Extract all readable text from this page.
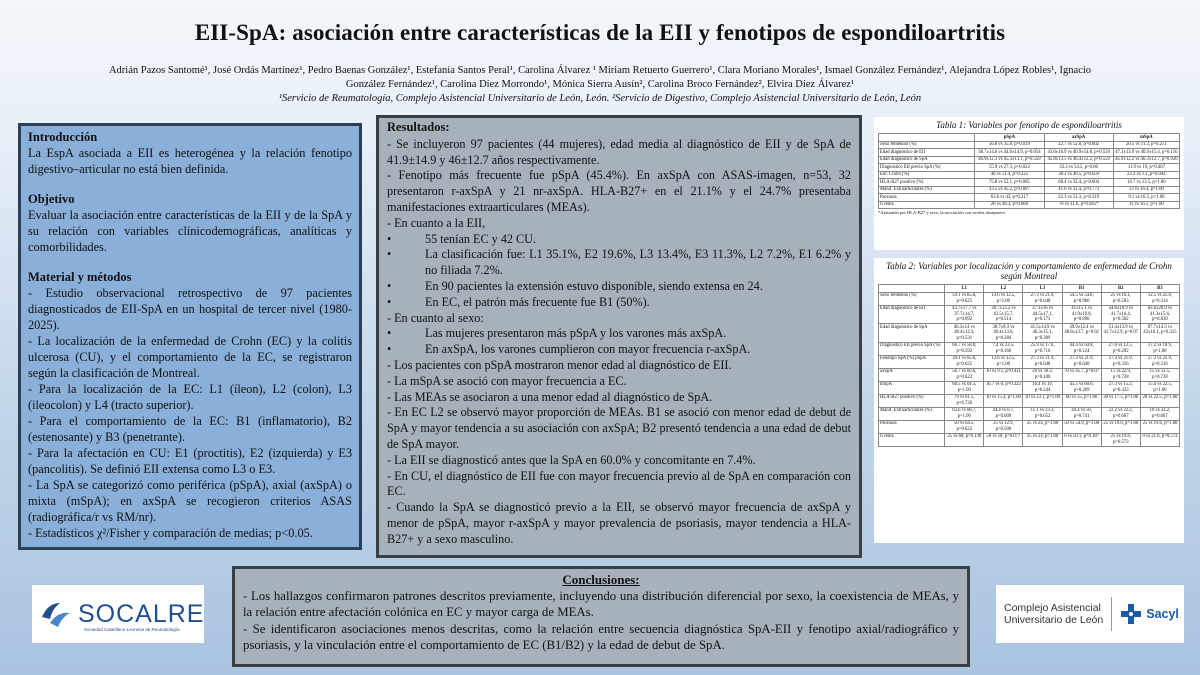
EII-SpA: asociación entre características de la EII y fenotipos de espondiloartritis
Adrián Pazos Santomé¹, José Ordás Martínez¹, Pedro Baenas González¹, Estefanía Santos Peral¹, Carolina Álvarez ¹ Miriam Retuerto Guerrero¹, Clara Moriano Morales¹, Ismael González Fernández¹, Alejandra López Robles¹, Ignacio
González Fernández¹, Carolina Díez Morrondo¹, Mónica Sierra Ausín², Carolina Broco Fernández², Elvira Díez Álvarez¹
¹Servicio de Reumatología, Complejo Asistencial Universitario de León, León. ²Servicio de Digestivo, Complejo Asistencial Universitario de León, León
Introducción

La EspA asociada a EII es heterogénea y la relación fenotipo digestivo–articular no está bien definida.

Objetivo

Evaluar la asociación entre características de la EII y de la SpA y su relación con variables clínicodemográficas, analíticas y comorbilidades.

Material y métodos

- Estudio observacional retrospectivo de 97 pacientes diagnosticados de EII-SpA en un hospital de tercer nivel (1980-2025).

- La localización de la enfermedad de Crohn (EC) y la colitis ulcerosa (CU), y el comportamiento de la EC, se registraron según la clasificación de Montreal.

- Para la localización de la EC: L1 (íleon), L2 (colon), L3 (ileocolon) y L4 (tracto superior).

- Para el comportamiento de la EC: B1 (inflamatorio), B2 (estenosante) y B3 (penetrante).

- Para la afectación en CU: E1 (proctitis), E2 (izquierda) y E3 (pancolitis). Se definió EII extensa como L3 o E3.

- La SpA se categorizó como periférica (pSpA), axial (axSpA) o mixta (mSpA); en axSpA se recogieron criterios ASAS (radiográfica/r vs RM/nr).

- Estadísticos χ²/Fisher y comparación de medias; p<0.05.

Resultados:

- Se incluyeron 97 pacientes (44 mujeres), edad media al diagnóstico de EII y de SpA de 41.9±14.9 y 46±12.7 años respectivamente.

- Fenotipo más frecuente fue pSpA (45.4%). En axSpA con ASAS-imagen, n=53, 32 presentaron r-axSpA y 21 nr-axSpA. HLA-B27+ en el 21.1% y el 24.7% presentaba manifestaciones extraarticulares (MEAs).

- En cuanto a la EII,

•	55 tenían EC y 42 CU.
•	La clasificación fue: L1 35.1%, E2 19.6%, L3 13.4%, E3 11.3%, L2 7.2%, E1 6.2% y no filiada 7.2%.
•	En 90 pacientes la extensión estuvo disponible, siendo extensa en 24.
•	En EC, el patrón más frecuente fue B1 (50%).

- En cuanto al sexo:

•	Las mujeres presentaron más pSpA y los varones más axSpA.
•	En axSpA, los varones cumplieron con mayor frecuencia r-axSpA.

- Los pacientes con pSpA mostraron menor edad al diagnóstico de EII.

- La mSpA se asoció con mayor frecuencia a EC.

- Las MEAs se asociaron a una menor edad al diagnóstico de SpA.

- En EC L2 se observó mayor proporción de MEAs. B1 se asoció con menor edad de debut de SpA y mayor tendencia a su asociación con axSpA; B2 presentó tendencia a una edad de debut de SpA mayor.

- La EII se diagnosticó antes que la SpA en 60.0% y concomitante en 7.4%.

- En CU, el diagnóstico de EII fue con mayor frecuencia previo al de SpA en comparación con EC.

- Cuando la SpA se diagnosticó previo a la EII, se observó mayor frecuencia de axSpA y menor de pSpA, mayor r-axSpA y mayor prevalencia de psoriasis, mayor tendencia a HLA-B27+ y a sexo masculino.

Tabla 1: Variables por fenotipo de espondiloartritis
	pSpA	axSpA	mSpA
Sexo femenino (%)	56.8 vs 35.8, p=0.039	22.7 vs 52.8, p=0.002	20.5 vs 11.3, p=0.251
Edad diagnóstico de EII	38.7±14.6 vs 44.6±14.9, p=0.054	43.6±16.9 vs 40.9±14.8, p=0.559	47.1±13.9 vs 40.9±15.4, p=0.156
Edad diagnóstico de SpA	46.9±12.3 vs 45.3±13.1, p=0.559	45.8±13.5 vs 46.4±12.2, p=0.559	45.9±12.2 vs 46.3±12.7, p=0.920
Diagnóstico EII previo SpA (%)	55.9 vs 27.3, p=0.022	33.3 vs 54.5, p=0.06	11.9 vs 19, p=0.407
Enf. Crohn (%)	46 vs 51.4, p=0.225	38.2 vs 40.5, p=0.659	22.2 vs 1.1, p=0.044
HLA-B27 positivo (%)	75.8 vs 52.1, p=0.085	68.4 vs 32.4, p=0.004	16.7 vs 13.5, p=1.00
Manif. Extraarticulares (%)	43.5 vs 45.2, p=0.897	41.6 vs 31.4, p=0.773	13 vs 16.4, p=1.00
Psoriasis	63.6 vs 43, p=0.217	22.3 vs 51.3, p=0.319	9.1 vs 16.3, p=1.00
Uveítis	20 vs 48.3, p=0.066	70 vs 31.6, p=0.045*	11 vs 16.1, p=1.00
*Ajustando por HLA-B27 y sexo, la asociación con uveítis desaparece.
Tabla 2: Variables por localización y comportamiento de enfermedad de Crohn según Montreal
	L1	L2	L3	B1	B2	B3
Sexo femenino (%)	59.1 vs 65.6, p=0.625	13.6 vs 12.5, p=1.00	27.3 vs 21.9, p=0.648	54.5 vs 54.8, p=0.960	25 vs 16.1, p=0.503	12.5 vs 25.8, p=0.314
Edad diagnóstico de EII	43.7±17.7 vs 37.7±14.7, p=0.092	38.7±13.2 vs 42.5±15.7, p=0.514	37.1±16 vs 44.5±17.1, p=0.173	41±15.1 vs 41.9±19.8, p=0.896	44.8±18.9 vs 41.7±16.4, p=0.582	83.6±20.9 vs 41.3±15.6, p=0.830
Edad diagnóstico de SpA	46.3±14 vs 48.4±12.3, p=0.531	38.7±8.3 vs 49.4±13.6, p=0.284	41.5±14.9 vs 46.3±15.1, p=0.389	39.9±12.4 vs 48.8±13.7, p=0.02	51.4±13.9 vs 41.7±12.9, p=0.07	87.7±14.3 vs 43±16.1, p=0.315
Diagnóstico EII previo SpA (%)	66.7 vs 58.8, p=0.592	7.4 vs 23.5, p=0.166	25.9 vs 17.6, p=0.716	44.4 vs 64.8, p=0.124	27.6 vs 12.5, p=0.292	17.2 vs 18.9, p=1.00
Fenotipo SpA (%) pSpA	39.1 vs 65.6, p=0.625	13.6 vs 12.5, p=1.00	27.3 vs 21.9, p=0.648	27.3 vs 21.9, p=0.648	27.3 vs 21.9, p=0.316	27.3 vs 21.9, p=0.316
axSpA	56.7 vs 60.6, p=0.622	10 vs 9.1, p=0.411	20 vs 30.3, p=0.100	70 vs 45.7, p=0.07	15 vs 22.9, p=0.728	15 vs 12.5, p=0.728
mSpA	66.5 vs 64.3, p=1.00	16.7 vs 0, p=0.322	16.4 vs 19, p=0.244	45.5 vs 60.6, p=0.269	27.3 vs 15.2, p=0.433	15.4 vs 22.5, p=1.00
HLA-B27 positivo (%)	79 vs 61.5, p=0.726	10 vs 15.4, p=1.00	20 vs 23.1, p=1.00	60 vs 55, p=1.00	20 vs 17.5, p=1.00	20 vs 22.5, p=1.00
Manif. Extraarticulares (%)	63.6 vs 66.7, p=1.00	44.4 vs 6.7, p=0.009	11.1 vs 23.3, p=0.652	44.4 vs 50, p=0.741	22.2 vs 22.2, p=0.667	10 vs 22.2, p=0.667
Psoriasis	50 vs 64.5, p=0.622	25 vs 12.9, p=0.500	25 vs 24, p=1.00	50 vs 54.9, p=1.00	25 vs 19.6, p=1.00	25 vs 19.6, p=1.00
Uveítis	25 vs 68, p=0.130	50 vs 10, p=0.077	25 vs 24, p=1.00	0 vs 50.1, p=0.187	25 vs 19.6, p=0.573	0 vs 21.6, p=0.573
Conclusiones:

- Los hallazgos confirmaron patrones descritos previamente, incluyendo una distribución diferencial por sexo, la coexistencia de MEAs, y la relación entre afectación colónica en EC y mayor carga de MEAs.

- Se identificaron asociaciones menos descritas, como la relación entre secuencia diagnóstica SpA-EII y fenotipo axial/radiográfico y psoriasis, y la vinculación entre el comportamiento de EC (B1/B2) y la edad de debut de SpA.

SOCALRE
Sociedad Castellano-Leonesa de Reumatología
Complejo Asistencial
Universitario de León	Sacyl
